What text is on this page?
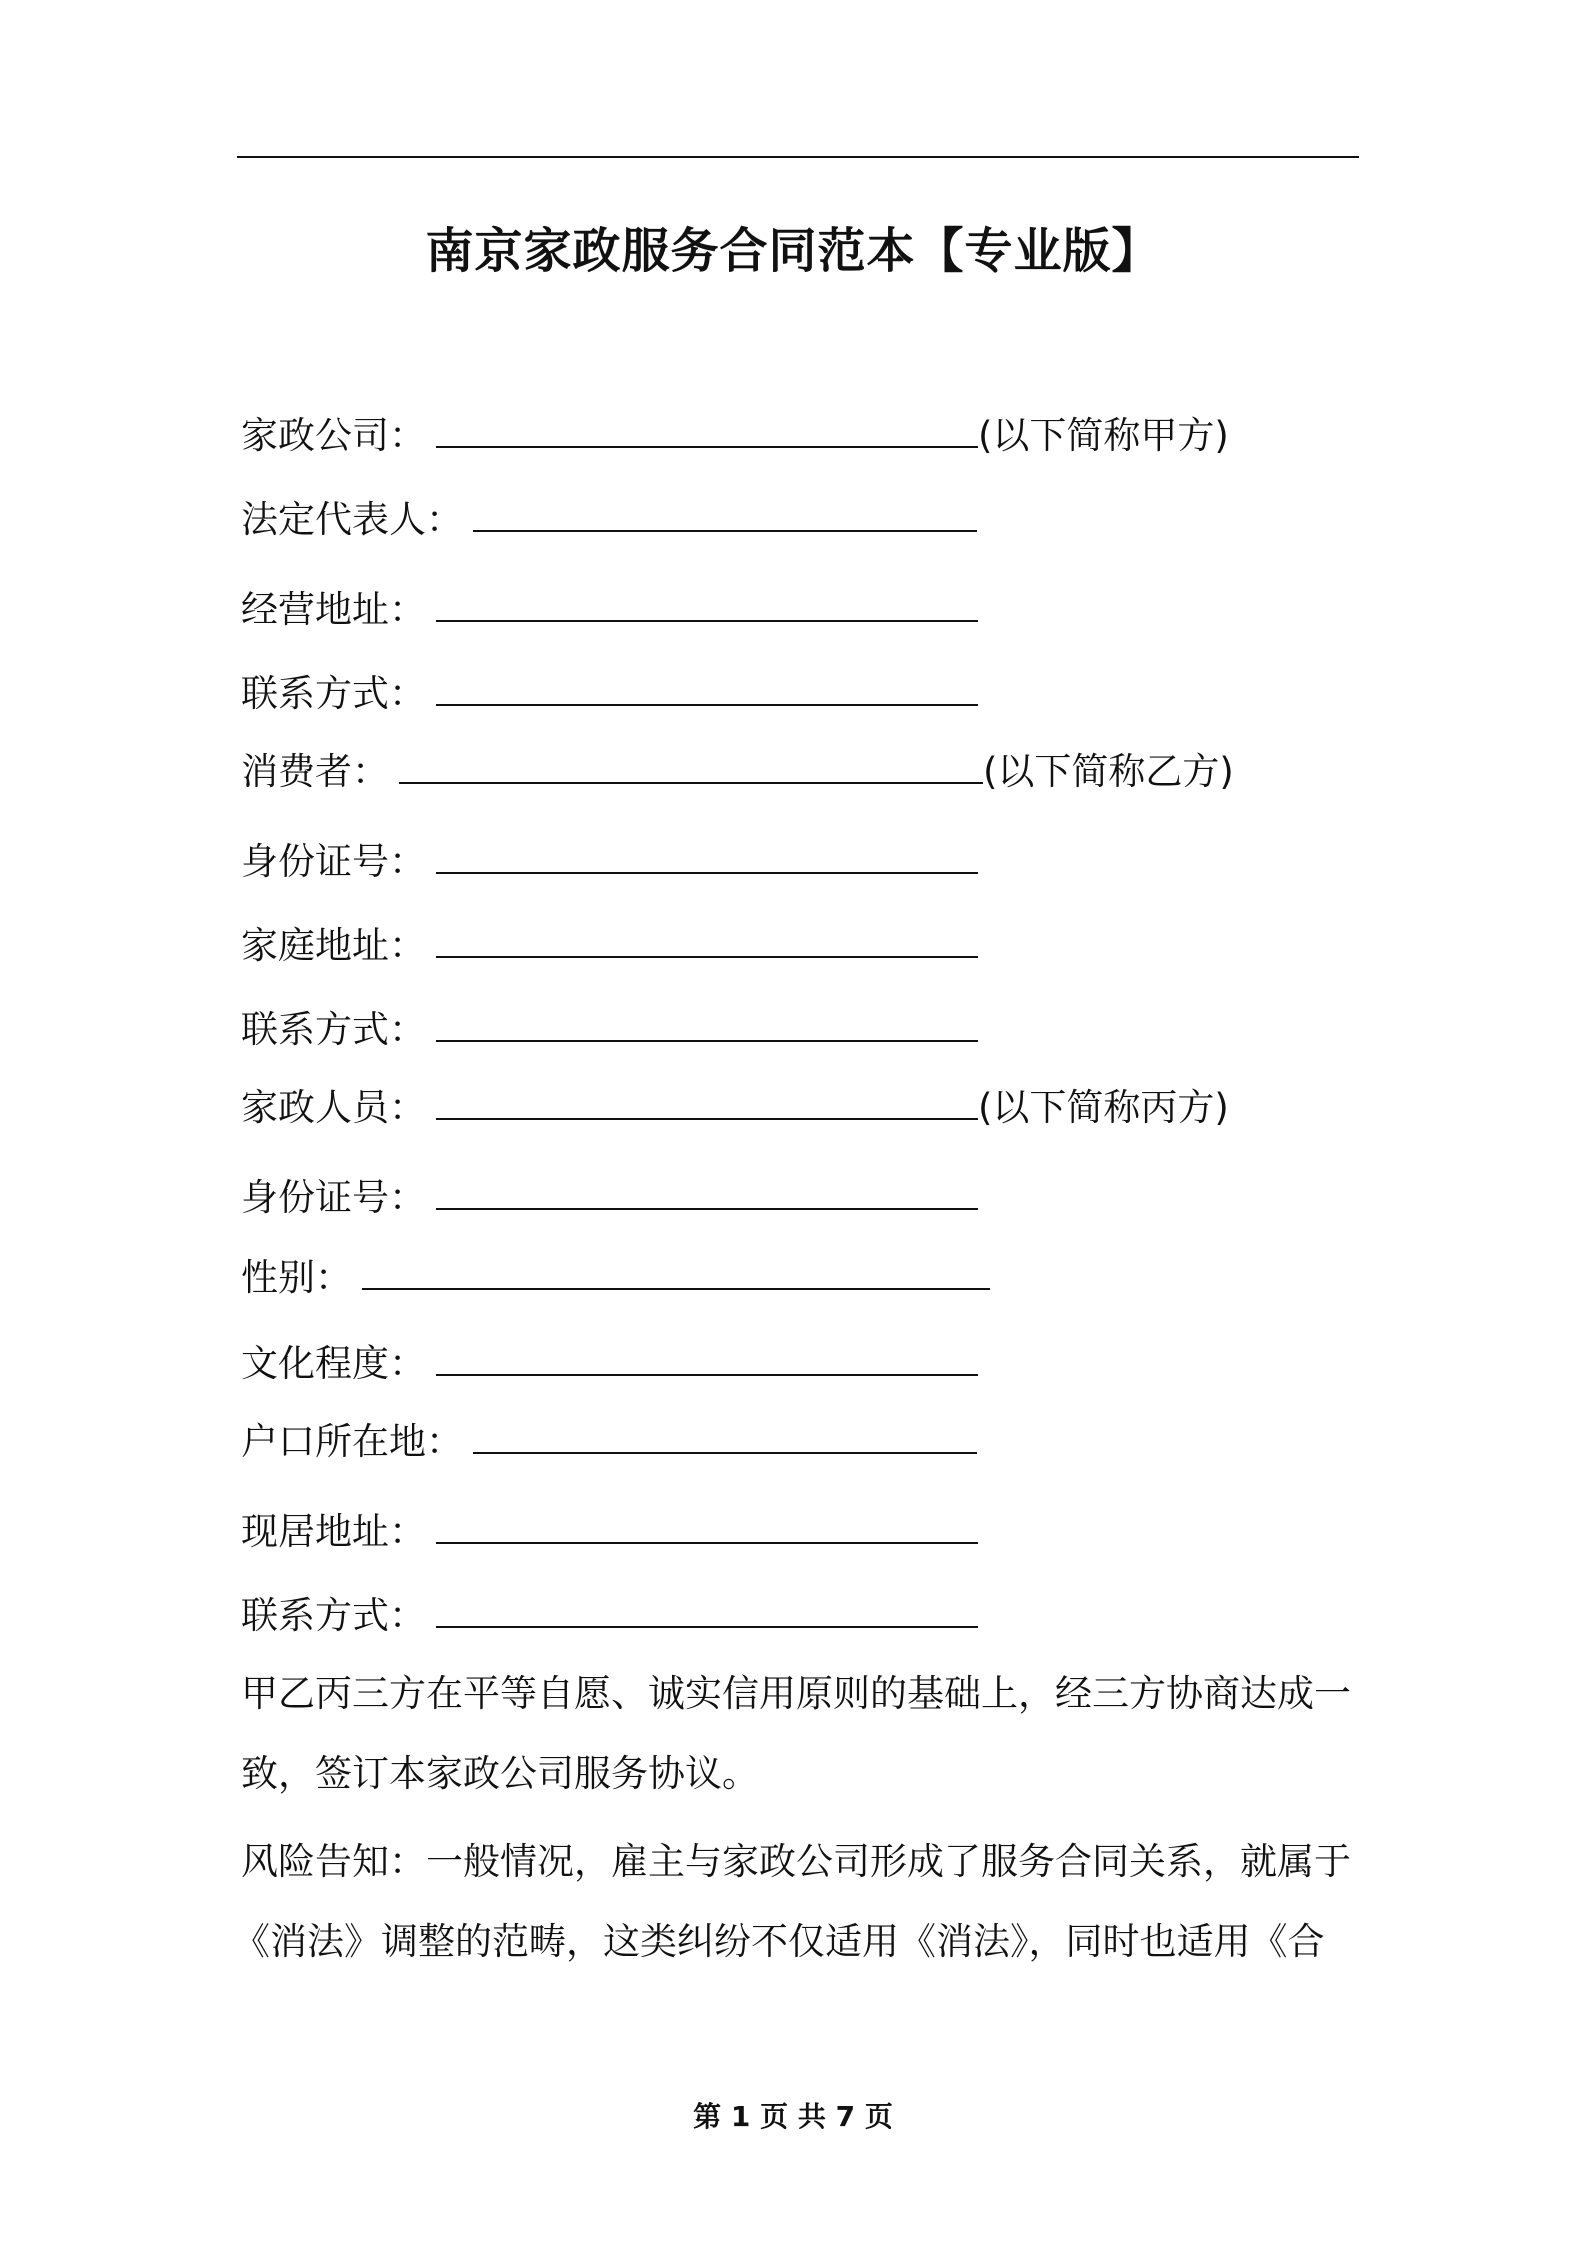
南京家政服务合同范本【专业版】
家政公司：	(以下简称甲方)
法定代表人：
经营地址：
联系方式：
消费者：	(以下简称乙方)
身份证号：
家庭地址：
联系方式：
家政人员：	(以下简称丙方)
身份证号：
性别：
文化程度：
户口所在地：
现居地址：
联系方式：
甲乙丙三方在平等自愿、诚实信用原则的基础上，经三方协商达成一
致，签订本家政公司服务协议。
风险告知：一般情况，雇主与家政公司形成了服务合同关系，就属于
《消法》调整的范畴，这类纠纷不仅适用《消法》，同时也适用《合
第 1 页 共 7 页
